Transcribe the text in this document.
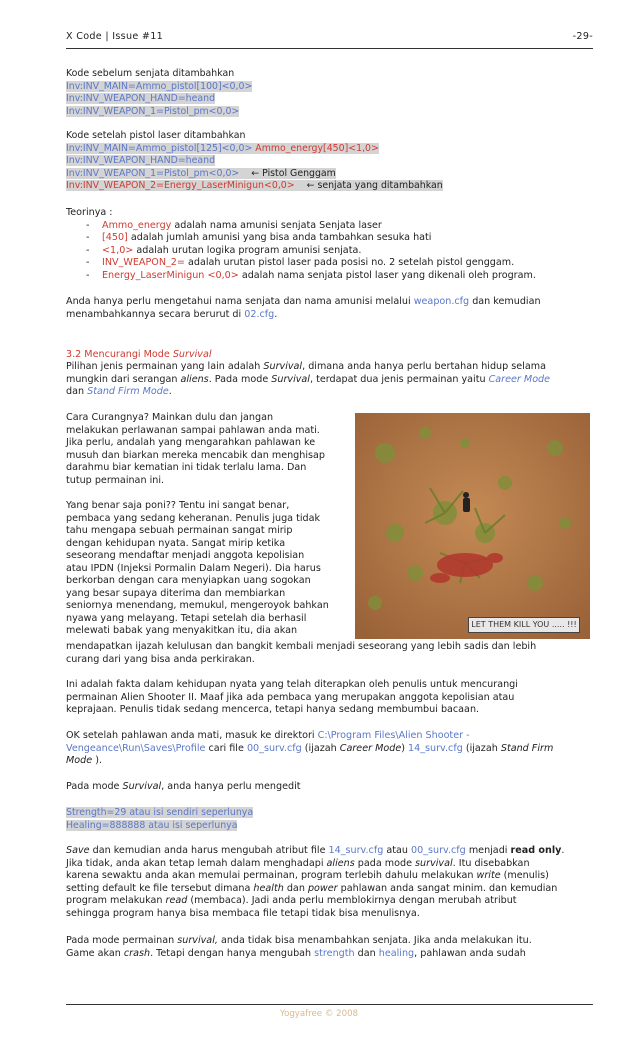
X Code | Issue #11	-29-
Kode sebelum senjata ditambahkan
Inv:INV_MAIN=Ammo_pistol[100]<0,0>
Inv:INV_WEAPON_HAND=heand
Inv:INV_WEAPON_1=Pistol_pm<0,0>
Kode setelah pistol laser ditambahkan
Inv:INV_MAIN=Ammo_pistol[125]<0,0> Ammo_energy[450]<1,0>
Inv:INV_WEAPON_HAND=heand
Inv:INV_WEAPON_1=Pistol_pm<0,0> ← Pistol Genggam
Inv:INV_WEAPON_2=Energy_LaserMinigun<0,0> ← senjata yang ditambahkan
Teorinya :
- Ammo_energy adalah nama amunisi senjata Senjata laser
- [450] adalah jumlah amunisi yang bisa anda tambahkan sesuka hati
- <1,0> adalah urutan logika program amunisi senjata.
- INV_WEAPON_2= adalah urutan pistol laser pada posisi no. 2 setelah pistol genggam.
- Energy_LaserMinigun <0,0> adalah nama senjata pistol laser yang dikenali oleh program.
Anda hanya perlu mengetahui nama senjata dan nama amunisi melalui weapon.cfg dan kemudian
menambahkannya secara berurut di 02.cfg.
3.2 Mencurangi Mode Survival
Pilihan jenis permainan yang lain adalah Survival, dimana anda hanya perlu bertahan hidup selama
mungkin dari serangan aliens. Pada mode Survival, terdapat dua jenis permainan yaitu Career Mode
dan Stand Firm Mode.
Cara Curangnya? Mainkan dulu dan jangan
melakukan perlawanan sampai pahlawan anda mati.
Jika perlu, andalah yang mengarahkan pahlawan ke
musuh dan biarkan mereka mencabik dan menghisap
darahmu biar kematian ini tidak terlalu lama. Dan
tutup permainan ini.
Yang benar saja poni?? Tentu ini sangat benar,
pembaca yang sedang keheranan. Penulis juga tidak
tahu mengapa sebuah permainan sangat mirip
dengan kehidupan nyata. Sangat mirip ketika
seseorang mendaftar menjadi anggota kepolisian
atau IPDN (Injeksi Pormalin Dalam Negeri). Dia harus
berkorban dengan cara menyiapkan uang sogokan
yang besar supaya diterima dan membiarkan
seniornya menendang, memukul, mengeroyok bahkan
nyawa yang melayang. Tetapi setelah dia berhasil
melewati babak yang menyakitkan itu, dia akan
LET THEM KILL YOU ..... !!!
mendapatkan ijazah kelulusan dan bangkit kembali menjadi seseorang yang lebih sadis dan lebih
curang dari yang bisa anda perkirakan.
Ini adalah fakta dalam kehidupan nyata yang telah diterapkan oleh penulis untuk mencurangi
permainan Alien Shooter II. Maaf jika ada pembaca yang merupakan anggota kepolisian atau
keprajaan. Penulis tidak sedang mencerca, tetapi hanya sedang membumbui bacaan.
OK setelah pahlawan anda mati, masuk ke direktori C:\Program Files\Alien Shooter -
Vengeance\Run\Saves\Profile cari file 00_surv.cfg (ijazah Career Mode) 14_surv.cfg (ijazah Stand Firm
Mode ).
Pada mode Survival, anda hanya perlu mengedit
Strength=29 atau isi sendiri seperlunya
Healing=888888 atau isi seperlunya
Save dan kemudian anda harus mengubah atribut file 14_surv.cfg atau 00_surv.cfg menjadi read only.
Jika tidak, anda akan tetap lemah dalam menghadapi aliens pada mode survival. Itu disebabkan
karena sewaktu anda akan memulai permainan, program terlebih dahulu melakukan write (menulis)
setting default ke file tersebut dimana health dan power pahlawan anda sangat minim. dan kemudian
program melakukan read (membaca). Jadi anda perlu memblokirnya dengan merubah atribut
sehingga program hanya bisa membaca file tetapi tidak bisa menulisnya.
Pada mode permainan survival, anda tidak bisa menambahkan senjata. Jika anda melakukan itu.
Game akan crash. Tetapi dengan hanya mengubah strength dan healing, pahlawan anda sudah
Yogyafree © 2008
